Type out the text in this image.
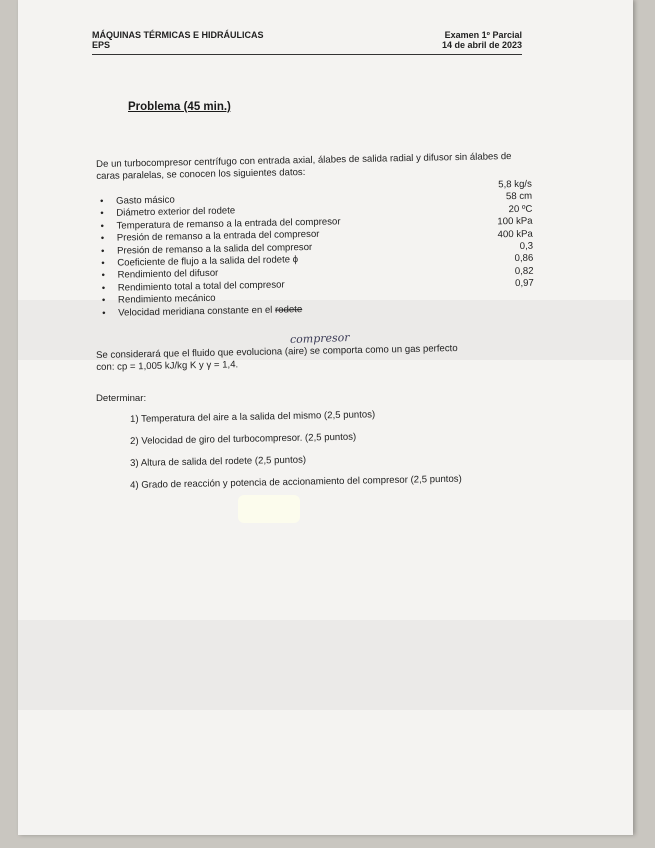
MÁQUINAS TÉRMICAS E HIDRÁULICAS
EPS
Examen 1º Parcial
14 de abril de 2023
Problema (45 min.)
De un turbocompresor centrífugo con entrada axial, álabes de salida radial y difusor sin álabes de caras paralelas, se conocen los siguientes datos:
• Gasto másico
5,8 kg/s
• Diámetro exterior del rodete
58 cm
• Temperatura de remanso a la entrada del compresor
20 ºC
• Presión de remanso a la entrada del compresor
100 kPa
• Presión de remanso a la salida del compresor
400 kPa
• Coeficiente de flujo a la salida del rodete ϕ
0,3
• Rendimiento del difusor
0,86
• Rendimiento total a total del compresor
0,82
• Rendimiento mecánico
0,97
• Velocidad meridiana constante en el rodete
compresor
Se considerará que el fluido que evoluciona (aire) se comporta como un gas perfecto
con: cp = 1,005 kJ/kg K y γ = 1,4.
Determinar:
1) Temperatura del aire a la salida del mismo (2,5 puntos)
2) Velocidad de giro del turbocompresor. (2,5 puntos)
3) Altura de salida del rodete (2,5 puntos)
4) Grado de reacción y potencia de accionamiento del compresor (2,5 puntos)
